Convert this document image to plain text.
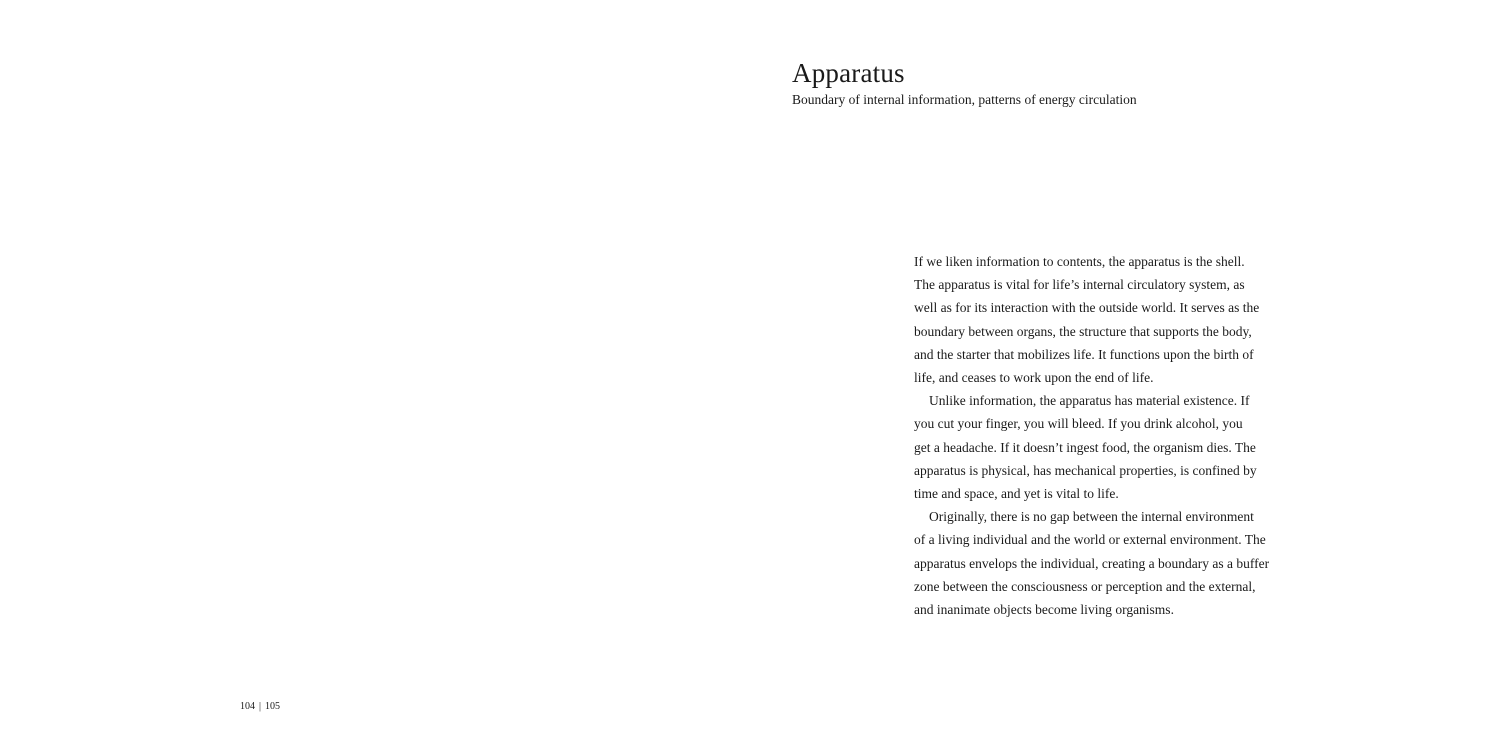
Apparatus

Boundary of internal information, patterns of energy circulation

If we liken information to contents, the apparatus is the shell.
The apparatus is vital for life’s internal circulatory system, as
well as for its interaction with the outside world. It serves as the
boundary between organs, the structure that supports the body,
and the starter that mobilizes life. It functions upon the birth of
life, and ceases to work upon the end of life.

Unlike information, the apparatus has material existence. If
you cut your finger, you will bleed. If you drink alcohol, you
get a headache. If it doesn’t ingest food, the organism dies. The
apparatus is physical, has mechanical properties, is confined by
time and space, and yet is vital to life.

Originally, there is no gap between the internal environment
of a living individual and the world or external environment. The
apparatus envelops the individual, creating a boundary as a buffer
zone between the consciousness or perception and the external,
and inanimate objects become living organisms.

104 | 105
